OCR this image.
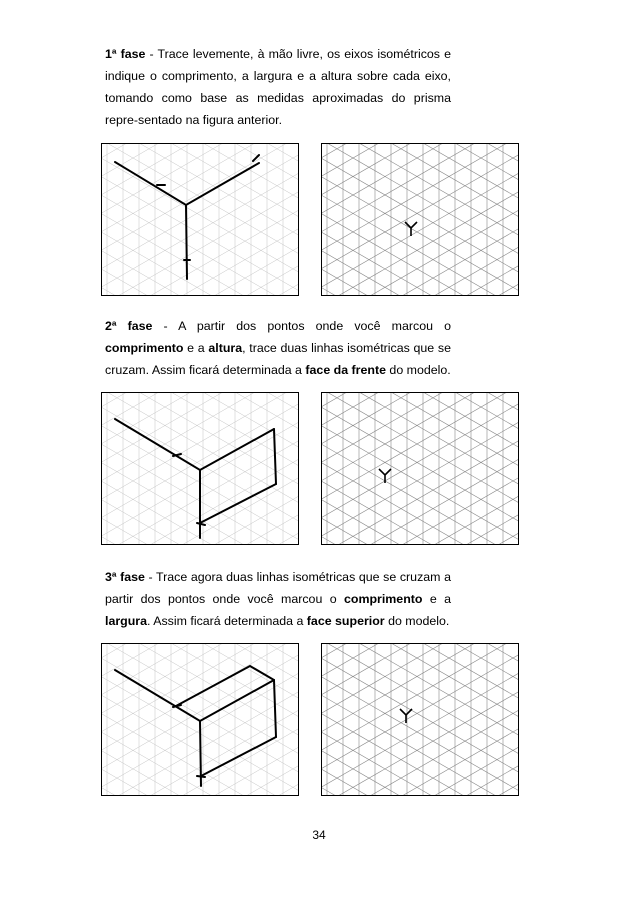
1ª fase - Trace levemente, à mão livre, os eixos isométricos e indique o comprimento, a largura e a altura sobre cada eixo, tomando como base as medidas aproximadas do prisma repre-sentado na figura anterior.

2ª fase - A partir dos pontos onde você marcou o comprimento e a altura, trace duas linhas isométricas que se cruzam. Assim ficará determinada a face da frente do modelo.

3ª fase - Trace agora duas linhas isométricas que se cruzam a partir dos pontos onde você marcou o comprimento e a largura. Assim ficará determinada a face superior do modelo.

34
